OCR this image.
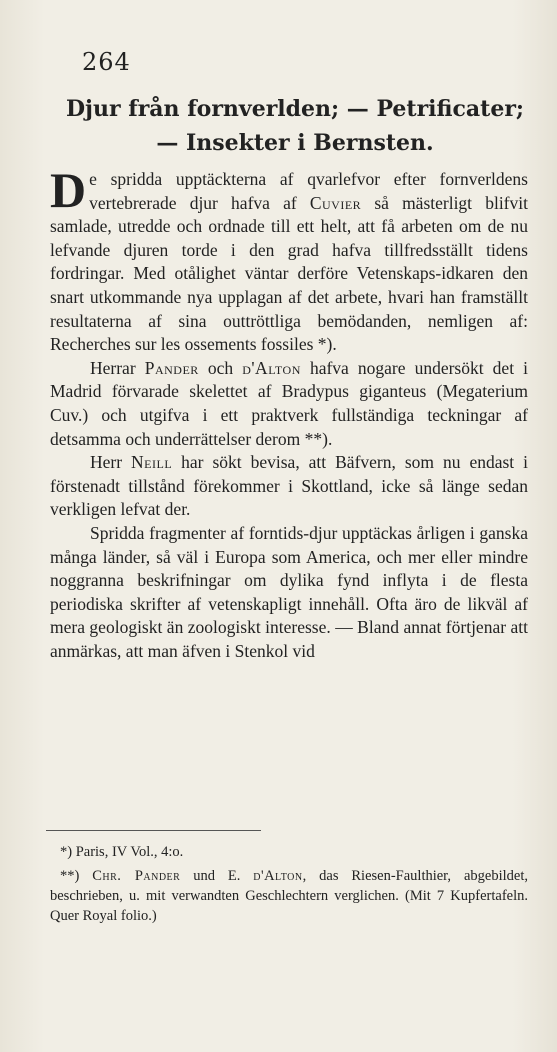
264
Djur från fornverlden; — Petrificater;
— Insekter i Bernsten.

De spridda upptäckterna af qvarlefvor efter fornverldens vertebrerade djur hafva af Cuvier så mästerligt blifvit samlade, utredde och ordnade till ett helt, att få arbeten om de nu lefvande djuren torde i den grad hafva tillfredsställt tidens fordringar. Med otålighet väntar derföre Vetenskaps-idkaren den snart utkommande nya upplagan af det arbete, hvari han framställt resultaterna af sina outtröttliga bemödanden, nemligen af: Recherches sur les ossements fossiles *).

Herrar Pander och d'Alton hafva nogare undersökt det i Madrid förvarade skelettet af Bradypus giganteus (Megaterium Cuv.) och utgifva i ett praktverk fullständiga teckningar af detsamma och underrättelser derom **).

Herr Neill har sökt bevisa, att Bäfvern, som nu endast i förstenadt tillstånd förekommer i Skottland, icke så länge sedan verkligen lefvat der.

Spridda fragmenter af forntids-djur upptäckas årligen i ganska många länder, så väl i Europa som America, och mer eller mindre noggranna beskrifningar om dylika fynd inflyta i de flesta periodiska skrifter af vetenskapligt innehåll. Ofta äro de likväl af mera geologiskt än zoologiskt interesse. — Bland annat förtjenar att anmärkas, att man äfven i Stenkol vid

*) Paris, IV Vol., 4:o.

**) Chr. Pander und E. d'Alton, das Riesen-Faulthier, abgebildet, beschrieben, u. mit verwandten Geschlechtern verglichen. (Mit 7 Kupfertafeln. Quer Royal folio.)
